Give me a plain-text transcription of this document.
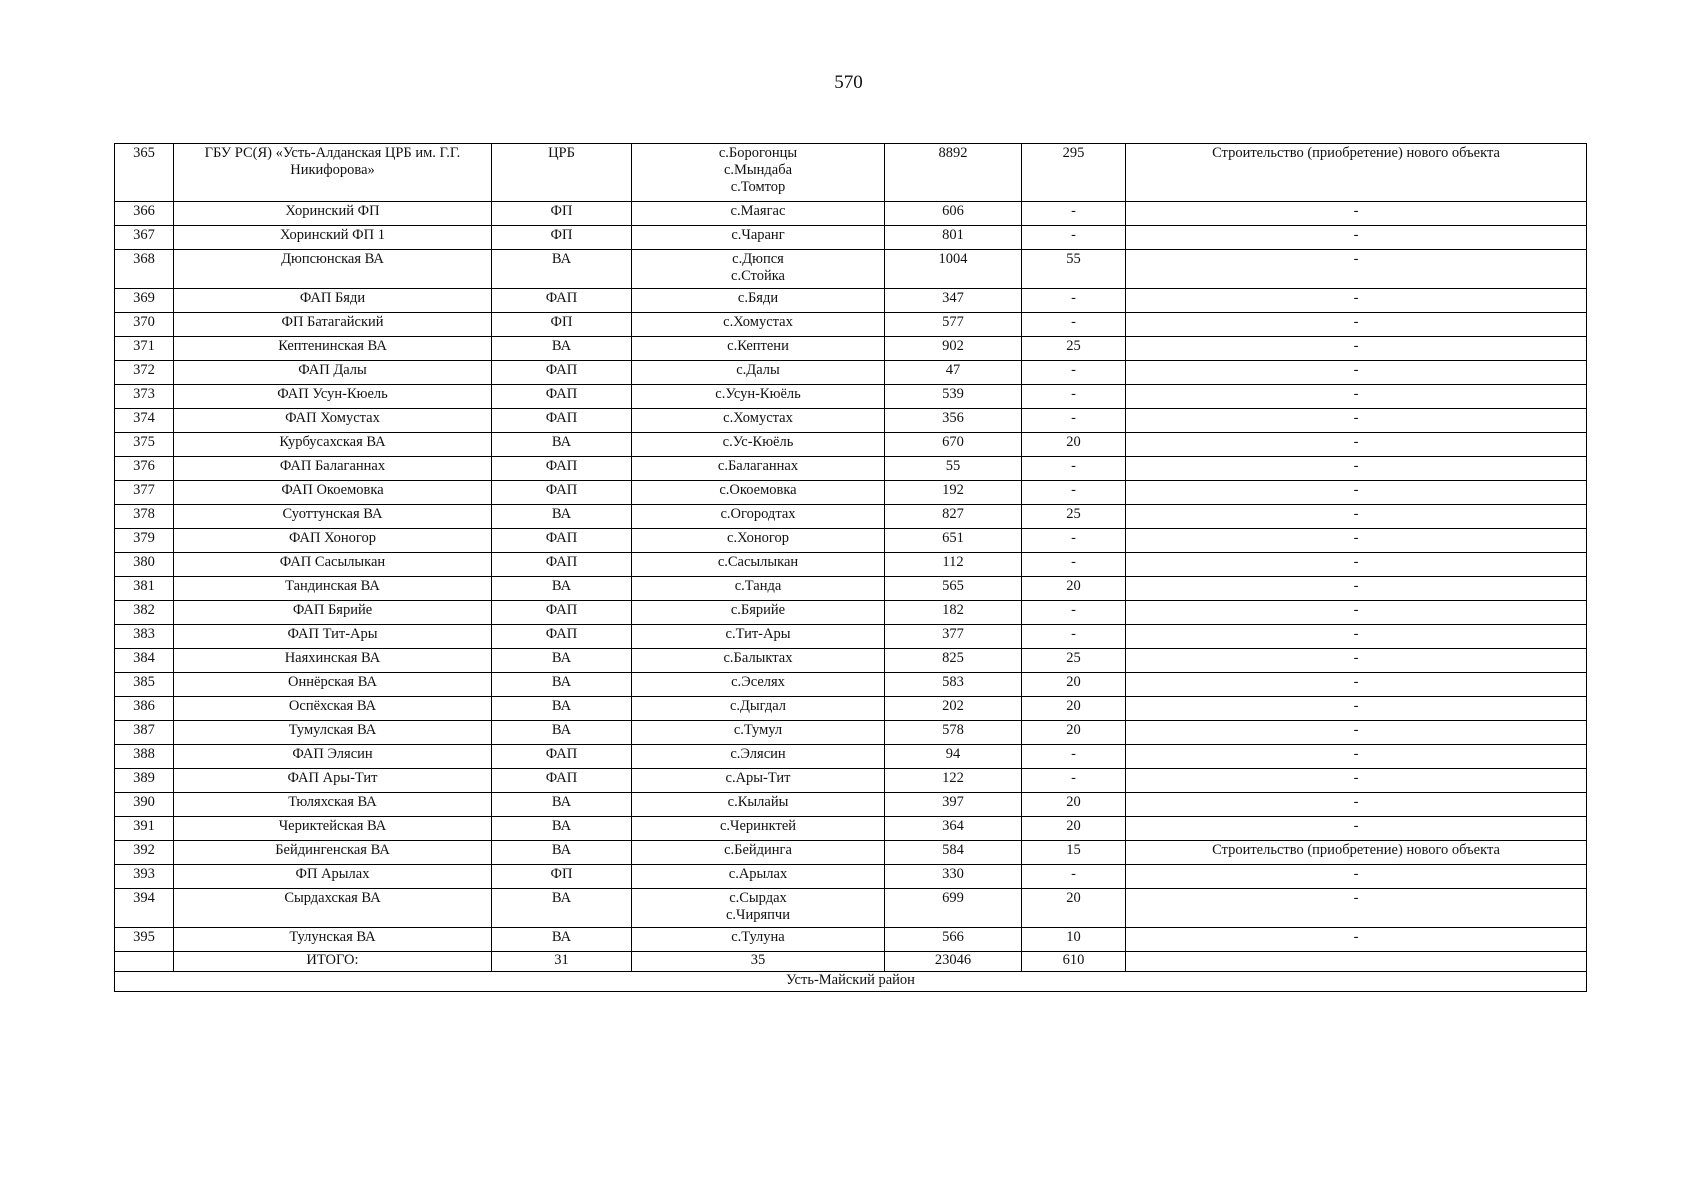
570
365	ГБУ РС(Я) «Усть-Алданская ЦРБ им. Г.Г.
Никифорова»	ЦРБ	с.Борогонцы
с.Мындаба
с.Томтор	8892	295	Строительство (приобретение) нового объекта
366	Хоринский ФП	ФП	с.Маягас	606	-	-
367	Хоринский ФП 1	ФП	с.Чаранг	801	-	-
368	Дюпсюнская ВА	ВА	с.Дюпся
с.Стойка	1004	55	-
369	ФАП Бяди	ФАП	с.Бяди	347	-	-
370	ФП Батагайский	ФП	с.Хомустах	577	-	-
371	Кептенинская ВА	ВА	с.Кептени	902	25	-
372	ФАП Далы	ФАП	с.Далы	47	-	-
373	ФАП Усун-Кюель	ФАП	с.Усун-Кюёль	539	-	-
374	ФАП Хомустах	ФАП	с.Хомустах	356	-	-
375	Курбусахская ВА	ВА	с.Ус-Кюёль	670	20	-
376	ФАП Балаганнах	ФАП	с.Балаганнах	55	-	-
377	ФАП Окоемовка	ФАП	с.Окоемовка	192	-	-
378	Суоттунская ВА	ВА	с.Огородтах	827	25	-
379	ФАП Хоногор	ФАП	с.Хоногор	651	-	-
380	ФАП Сасылыкан	ФАП	с.Сасылыкан	112	-	-
381	Тандинская ВА	ВА	с.Танда	565	20	-
382	ФАП Бярийе	ФАП	с.Бярийе	182	-	-
383	ФАП Тит-Ары	ФАП	с.Тит-Ары	377	-	-
384	Наяхинская ВА	ВА	с.Балыктах	825	25	-
385	Оннёрская ВА	ВА	с.Эселях	583	20	-
386	Оспёхская ВА	ВА	с.Дыгдал	202	20	-
387	Тумулская ВА	ВА	с.Тумул	578	20	-
388	ФАП Элясин	ФАП	с.Элясин	94	-	-
389	ФАП Ары-Тит	ФАП	с.Ары-Тит	122	-	-
390	Тюляхская ВА	ВА	с.Кылайы	397	20	-
391	Чериктейская ВА	ВА	с.Черинктей	364	20	-
392	Бейдингенская ВА	ВА	с.Бейдинга	584	15	Строительство (приобретение) нового объекта
393	ФП Арылах	ФП	с.Арылах	330	-	-
394	Сырдахская ВА	ВА	с.Сырдах
с.Чиряпчи	699	20	-
395	Тулунская ВА	ВА	с.Тулуна	566	10	-
	ИТОГО:	31	35	23046	610	
Усть-Майский район						
